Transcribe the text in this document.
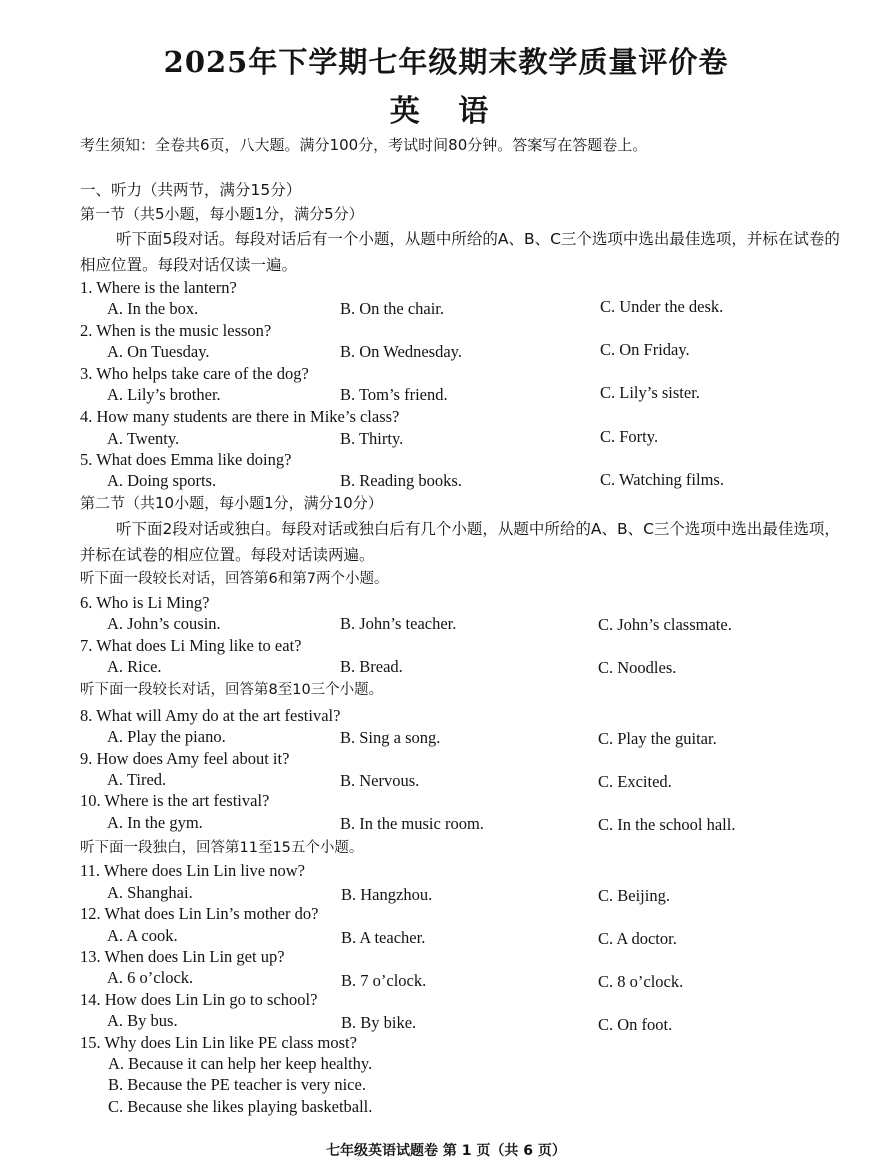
2025年下学期七年级期末教学质量评价卷
英 语
考生须知：全卷共6页，八大题。满分100分，考试时间80分钟。答案写在答题卷上。
一、听力（共两节，满分15分）
第一节（共5小题，每小题1分，满分5分）
听下面5段对话。每段对话后有一个小题，从题中所给的A、B、C三个选项中选出最佳选项，并标在试卷的相应位置。每段对话仅读一遍。
1. Where is the lantern?
A. In the box.	B. On the chair.	C. Under the desk.
2. When is the music lesson?
A. On Tuesday.	B. On Wednesday.	C. On Friday.
3. Who helps take care of the dog?
A. Lily’s brother.	B. Tom’s friend.	C. Lily’s sister.
4. How many students are there in Mike’s class?
A. Twenty.	B. Thirty.	C. Forty.
5. What does Emma like doing?
A. Doing sports.	B. Reading books.	C. Watching films.
第二节（共10小题，每小题1分，满分10分）
听下面2段对话或独白。每段对话或独白后有几个小题，从题中所给的A、B、C三个选项中选出最佳选项，并标在试卷的相应位置。每段对话读两遍。
听下面一段较长对话，回答第6和第7两个小题。
6. Who is Li Ming?
A. John’s cousin.	B. John’s teacher.	C. John’s classmate.
7. What does Li Ming like to eat?
A. Rice.	B. Bread.	C. Noodles.
听下面一段较长对话，回答第8至10三个小题。
8. What will Amy do at the art festival?
A. Play the piano.	B. Sing a song.	C. Play the guitar.
9. How does Amy feel about it?
A. Tired.	B. Nervous.	C. Excited.
10. Where is the art festival?
A. In the gym.	B. In the music room.	C. In the school hall.
听下面一段独白，回答第11至15五个小题。
11. Where does Lin Lin live now?
A. Shanghai.	B. Hangzhou.	C. Beijing.
12. What does Lin Lin’s mother do?
A. A cook.	B. A teacher.	C. A doctor.
13. When does Lin Lin get up?
A. 6 o’clock.	B. 7 o’clock.	C. 8 o’clock.
14. How does Lin Lin go to school?
A. By bus.	B. By bike.	C. On foot.
15. Why does Lin Lin like PE class most?
A. Because it can help her keep healthy.
B. Because the PE teacher is very nice.
C. Because she likes playing basketball.
七年级英语试题卷 第 1 页（共 6 页）
